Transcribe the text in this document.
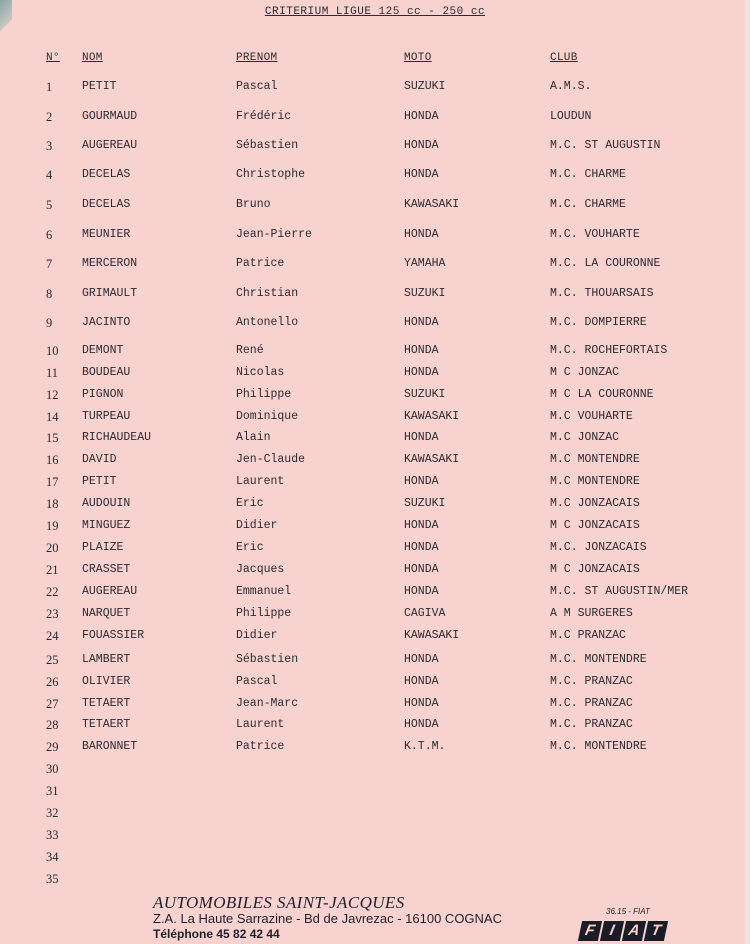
CRITERIUM LIGUE 125 cc - 250 cc
N° NOM	PRENOM	MOTO	CLUB
1	PETIT	Pascal	SUZUKI	A.M.S.
2	GOURMAUD	Frédéric	HONDA	LOUDUN
3	AUGEREAU	Sébastien	HONDA	M.C. ST AUGUSTIN
4	DECELAS	Christophe	HONDA	M.C. CHARME
5	DECELAS	Bruno	KAWASAKI	M.C. CHARME
6	MEUNIER	Jean-Pierre	HONDA	M.C. VOUHARTE
7	MERCERON	Patrice	YAMAHA	M.C. LA COURONNE
8	GRIMAULT	Christian	SUZUKI	M.C. THOUARSAIS
9	JACINTO	Antonello	HONDA	M.C. DOMPIERRE
10 DEMONT	René	HONDA	M.C. ROCHEFORTAIS
11 BOUDEAU	Nicolas	HONDA	M C JONZAC
12 PIGNON	Philippe	SUZUKI	M C LA COURONNE
14 TURPEAU	Dominique	KAWASAKI	M.C VOUHARTE
15 RICHAUDEAU	Alain	HONDA	M.C JONZAC
16 DAVID	Jen-Claude	KAWASAKI	M.C MONTENDRE
17 PETIT	Laurent	HONDA	M.C MONTENDRE
18 AUDOUIN	Eric	SUZUKI	M.C JONZACAIS
19 MINGUEZ	Didier	HONDA	M C JONZACAIS
20 PLAIZE	Eric	HONDA	M.C. JONZACAIS
21 CRASSET	Jacques	HONDA	M C JONZACAIS
22 AUGEREAU	Emmanuel	HONDA	M.C. ST AUGUSTIN/MER
23 NARQUET	Philippe	CAGIVA	A M SURGERES
24 FOUASSIER	Didier	KAWASAKI	M.C PRANZAC
25 LAMBERT	Sébastien	HONDA	M.C. MONTENDRE
26 OLIVIER	Pascal	HONDA	M.C. PRANZAC
27 TETAERT	Jean-Marc	HONDA	M.C. PRANZAC
28 TETAERT	Laurent	HONDA	M.C. PRANZAC
29 BARONNET	Patrice	K.T.M.	M.C. MONTENDRE
30
31
32
33
34
35
AUTOMOBILES SAINT-JACQUES
Z.A. La Haute Sarrazine - Bd de Javrezac - 16100 COGNAC
Téléphone 45 82 42 44
36.15 - FIAT
F I A T
